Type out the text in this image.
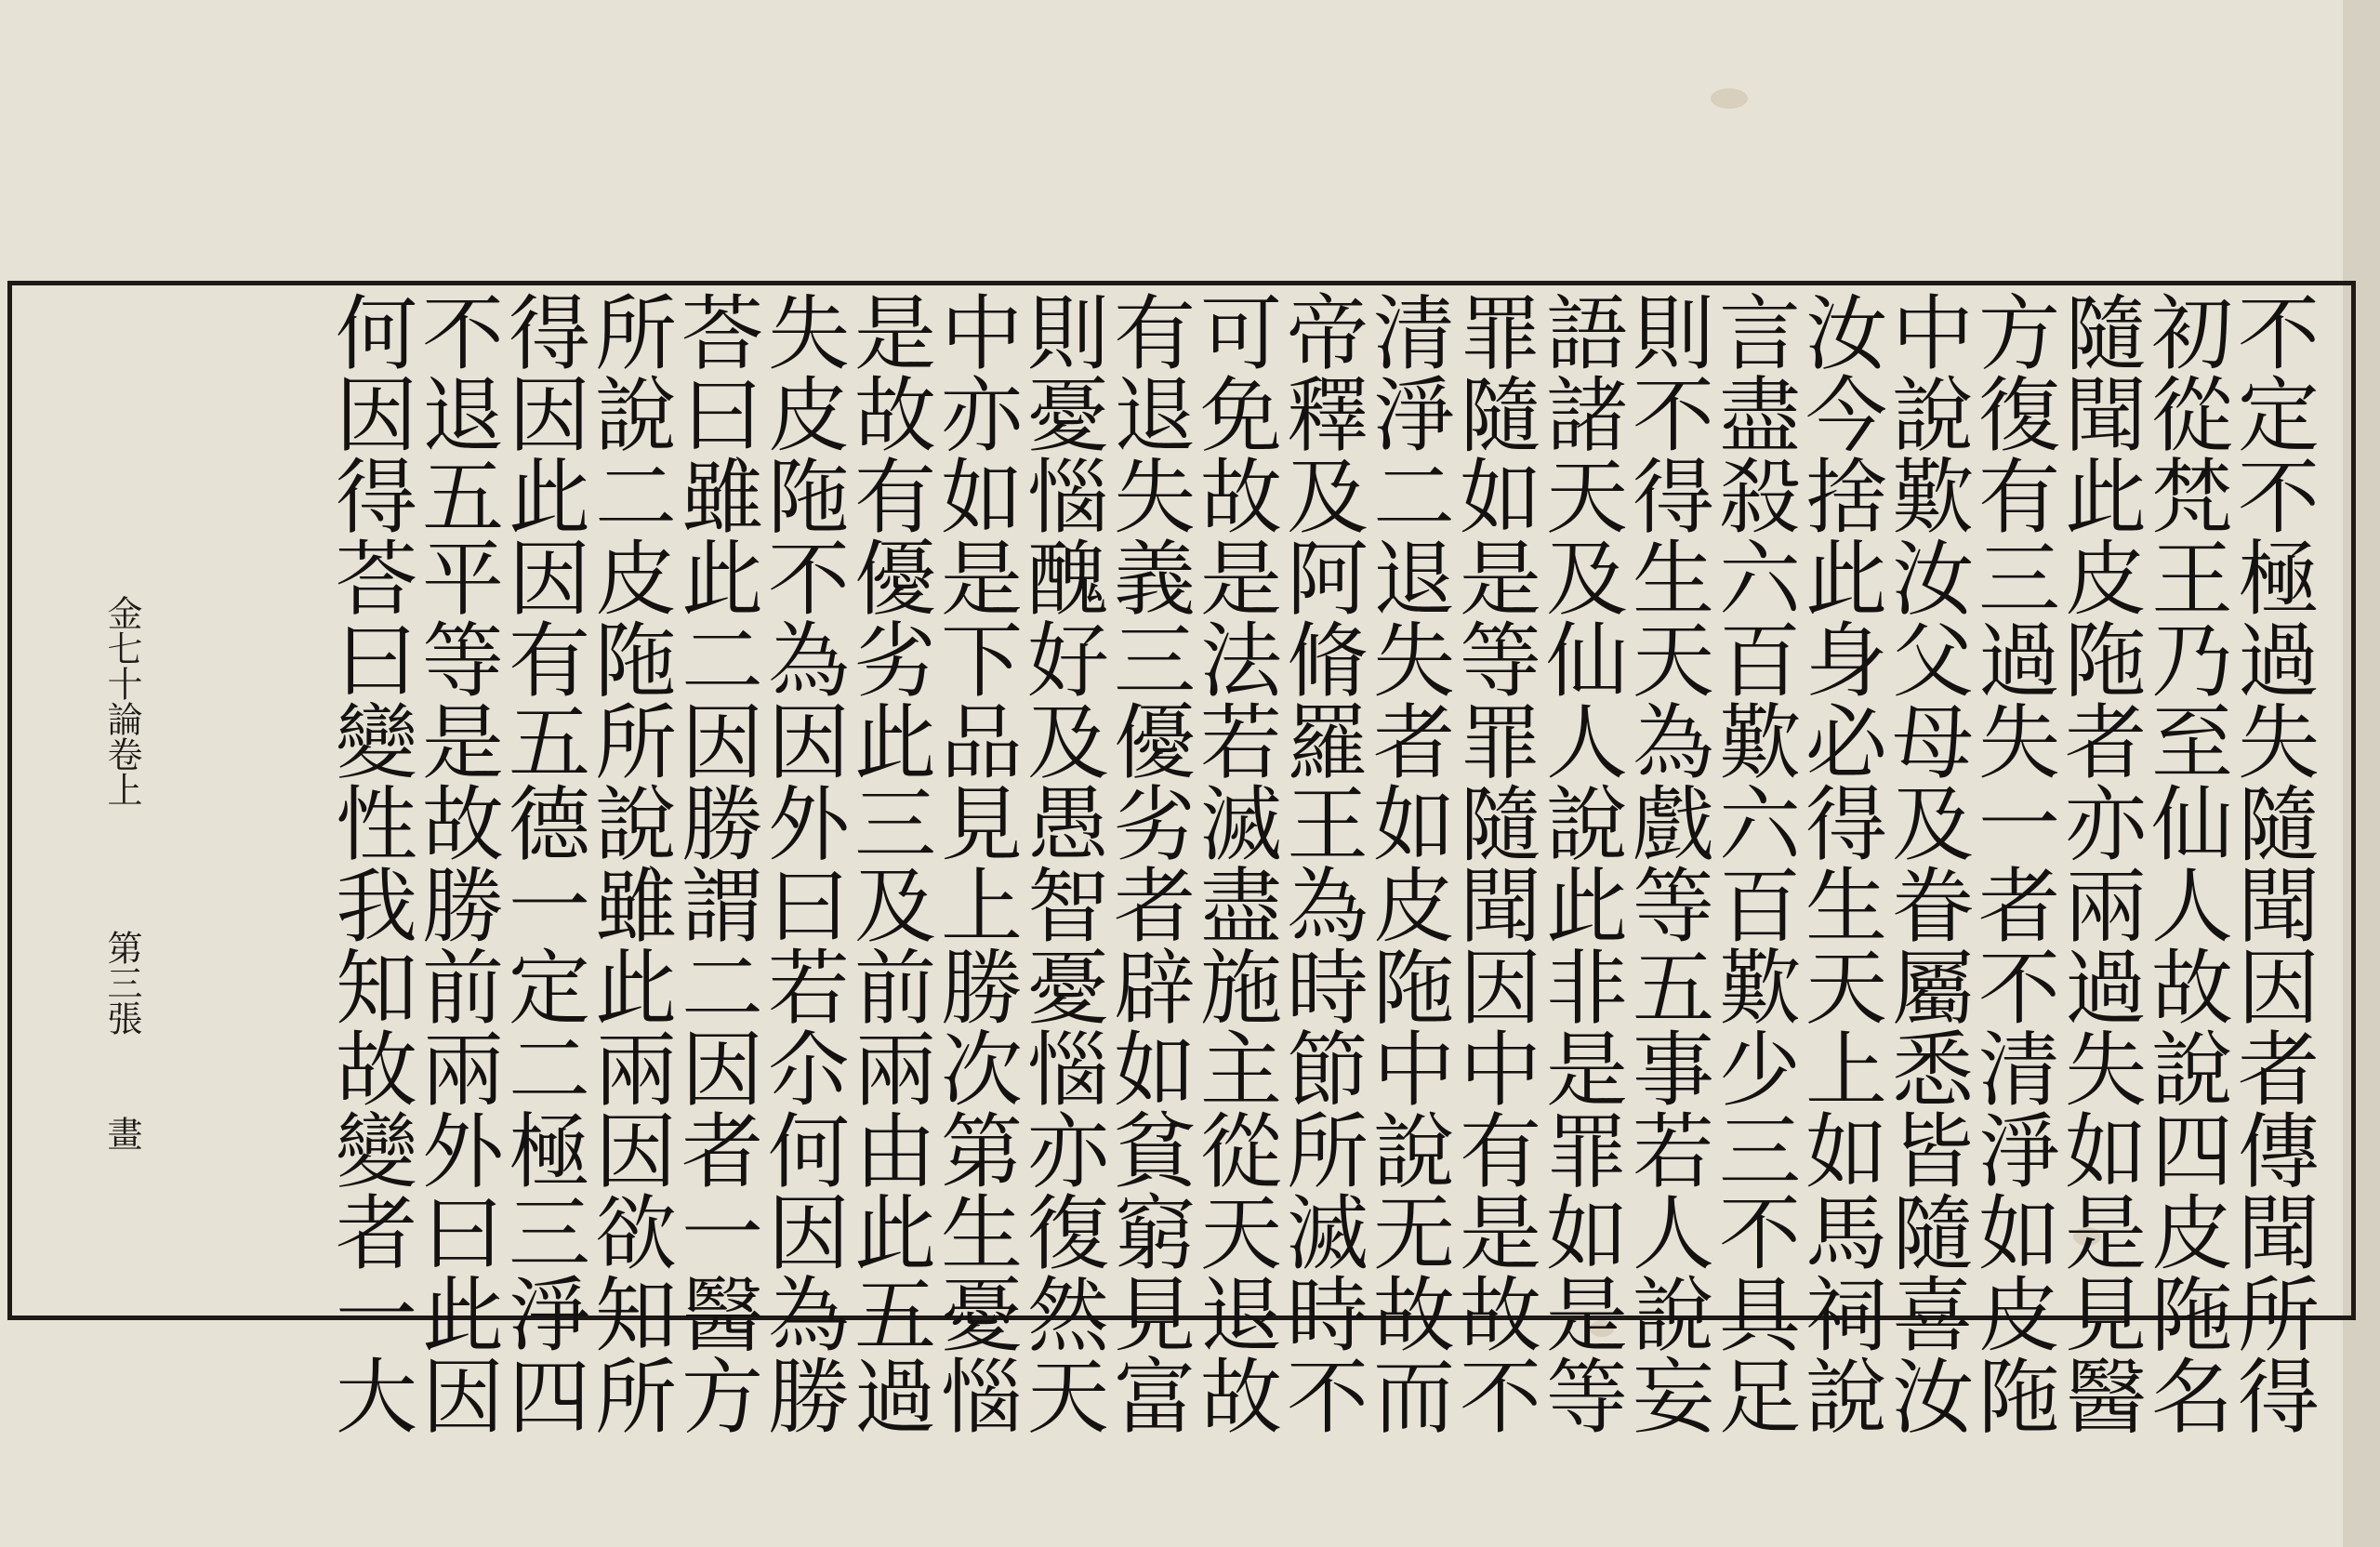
不定不極過失隨聞因者傳聞所得
初從梵王乃至仙人故說四皮陁名
隨聞此皮陁者亦兩過失如是見醫
方復有三過失一者不清淨如皮陁
中說歎汝父母及眷屬悉皆隨喜汝
汝今捨此身必得生天上如馬祠說
言盡殺六百歎六百歎少三不具足
則不得生天為戲等五事若人說妄
語諸天及仙人說此非是罪如是等
罪隨如是等罪隨聞因中有是故不
清淨二退失者如皮陁中說无故而
帝釋及阿脩羅王為時節所滅時不
可免故是法若滅盡施主從天退故
有退失義三優劣者辟如貧窮見富
則憂惱醜好及愚智憂惱亦復然天
中亦如是下品見上勝次第生憂惱
是故有優劣此三及前兩由此五過
失皮陁不為因外曰若尒何因為勝
荅曰雖此二因勝謂二因者一醫方
所說二皮陁所說雖此兩因欲知所
得因此因有五德一定二極三淨四
不退五平等是故勝前兩外曰此因
何因得荅曰變性我知故變者一大
金七十論卷上
第三張
畫
